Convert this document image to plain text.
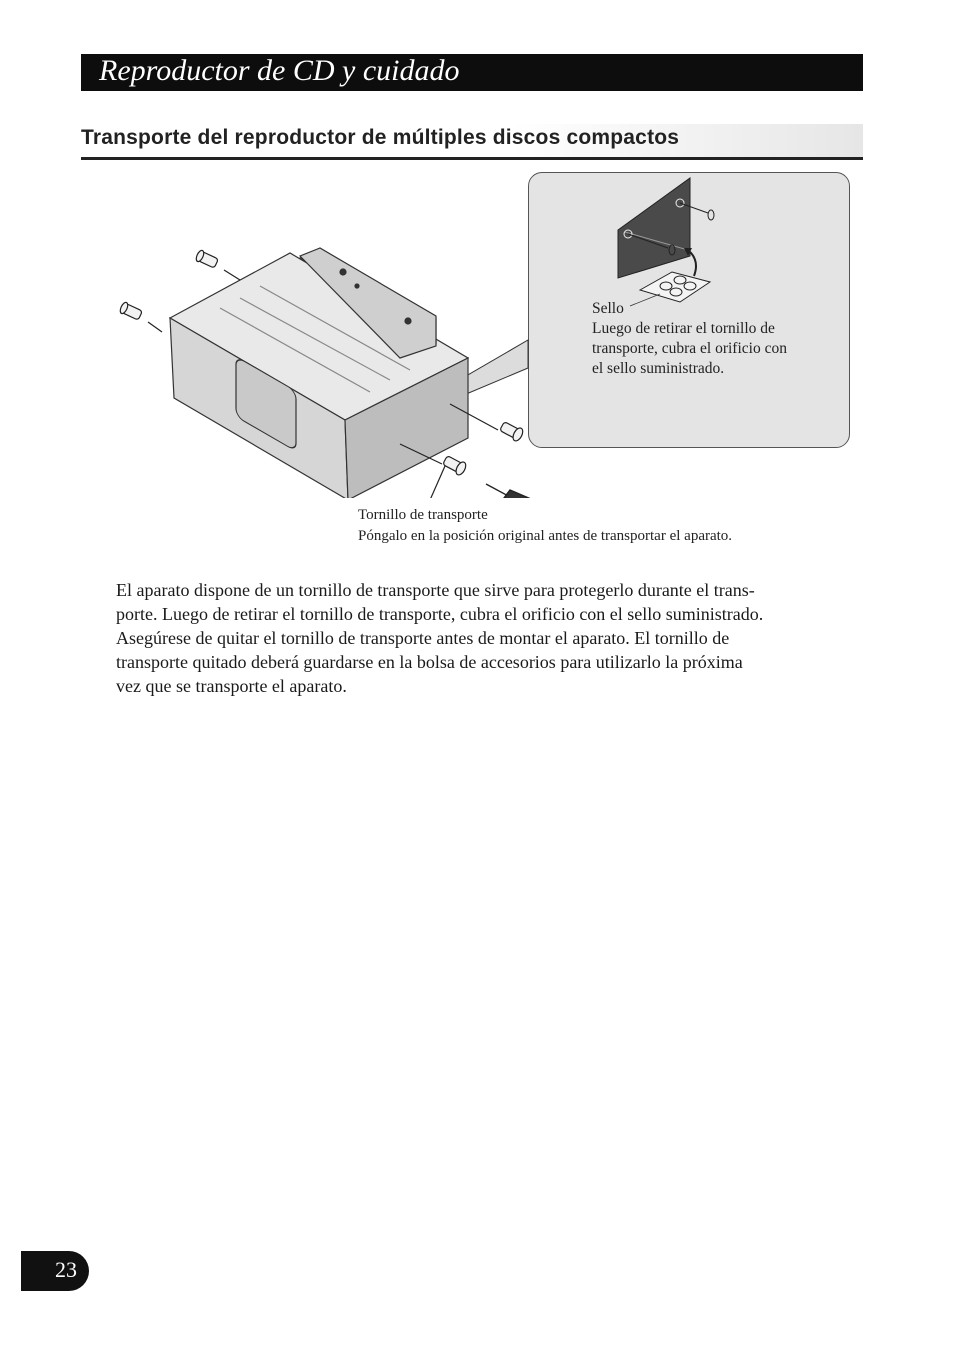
Reproductor de CD y cuidado
Transporte del reproductor de múltiples discos compactos
Sello
Luego de retirar el tornillo de
transporte, cubra el orificio con
el sello suministrado.
Tornillo de transporte
Póngalo en la posición original antes de transportar el aparato.
El aparato dispone de un tornillo de transporte que sirve para protegerlo durante el trans-
porte. Luego de retirar el tornillo de transporte, cubra el orificio con el sello suministrado.
Asegúrese de quitar el tornillo de transporte antes de montar el aparato. El tornillo de
transporte quitado deberá guardarse en la bolsa de accesorios para utilizarlo la próxima
vez que se transporte el aparato.
23
